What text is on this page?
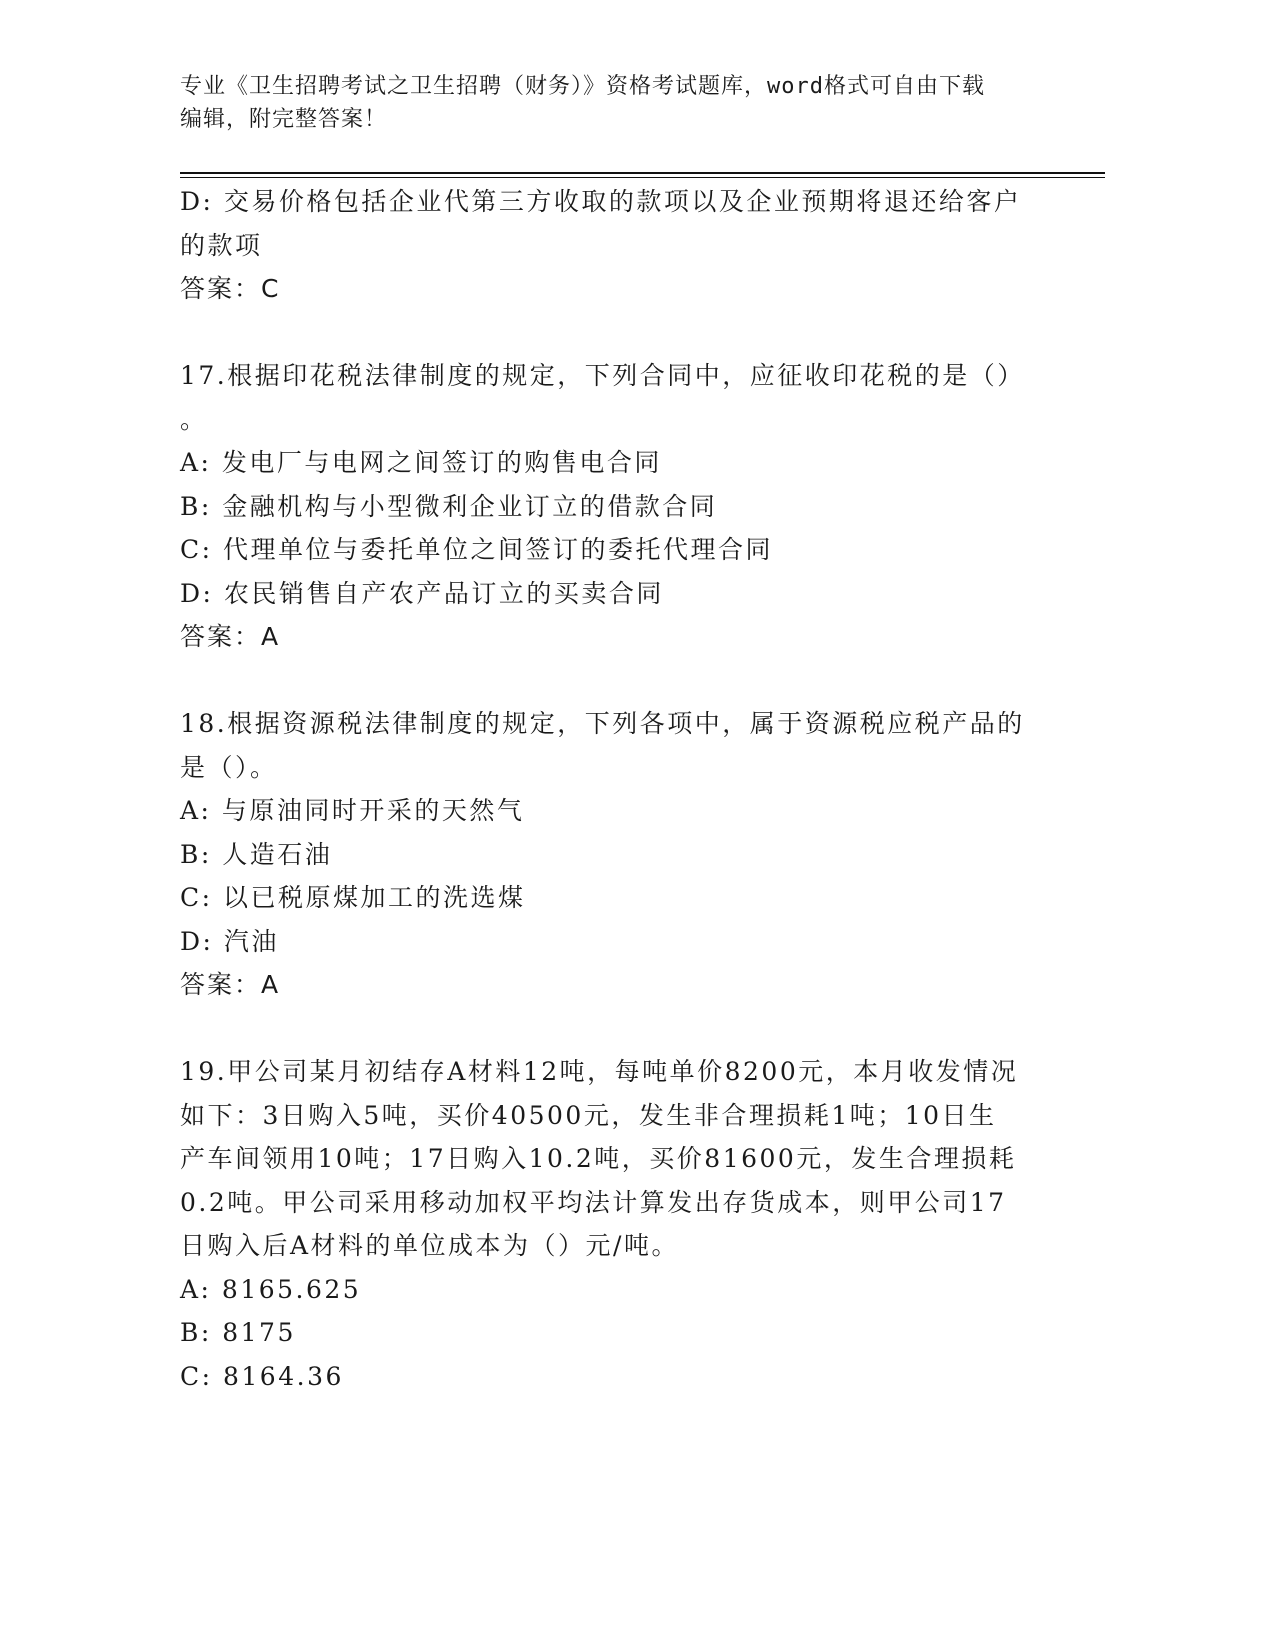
专业《卫生招聘考试之卫生招聘（财务）》资格考试题库，word格式可自由下载
编辑，附完整答案！
D: 交易价格包括企业代第三方收取的款项以及企业预期将退还给客户
的款项
答案：C
17.根据印花税法律制度的规定，下列合同中，应征收印花税的是（）
。
A: 发电厂与电网之间签订的购售电合同
B: 金融机构与小型微利企业订立的借款合同
C: 代理单位与委托单位之间签订的委托代理合同
D: 农民销售自产农产品订立的买卖合同
答案：A
18.根据资源税法律制度的规定，下列各项中，属于资源税应税产品的
是（）。
A: 与原油同时开采的天然气
B: 人造石油
C: 以已税原煤加工的洗选煤
D: 汽油
答案：A
19.甲公司某月初结存A材料12吨，每吨单价8200元，本月收发情况
如下：3日购入5吨，买价40500元，发生非合理损耗1吨；10日生
产车间领用10吨；17日购入10.2吨，买价81600元，发生合理损耗
0.2吨。甲公司采用移动加权平均法计算发出存货成本，则甲公司17
日购入后A材料的单位成本为（）元/吨。
A: 8165.625
B: 8175
C: 8164.36
